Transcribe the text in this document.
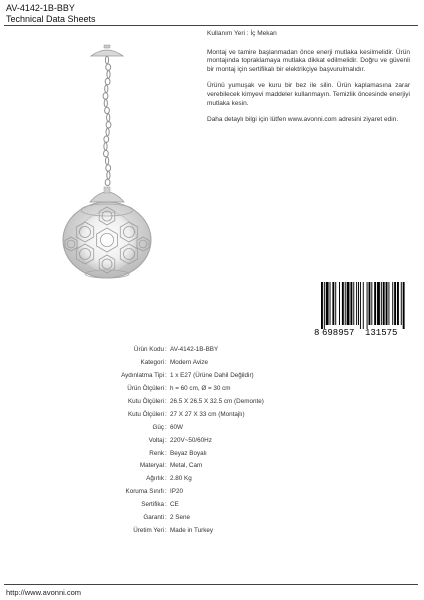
AV-4142-1B-BBY
Technical Data Sheets

Kullanım Yeri : İç Mekan

Montaj ve tamire başlanmadan önce enerji mutlaka kesilmelidir. Ürün montajında topraklamaya mutlaka dikkat edilmelidir. Doğru ve güvenli bir montaj için sertifikalı bir elektrikçiye başvurulmalıdır.

Ürünü yumuşak ve kuru bir bez ile silin. Ürün kaplamasına zarar verebilecek kimyevi maddeler kullanmayın. Temizlik öncesinde enerjiyi mutlaka kesin.

Daha detaylı bilgi için lütfen www.avonni.com adresini ziyaret edin.

8 698957 131575
Ürün Kodu : AV-4142-1B-BBY
Kategori : Modern Avize
Aydınlatma Tipi : 1 x E27 (Ürüne Dahil Değildir)
Ürün Ölçüleri : h = 60 cm, Ø = 30 cm
Kutu Ölçüleri : 26.5 X 26.5 X 32.5 cm (Demonte)
Kutu Ölçüleri : 27 X 27 X 33 cm (Montajlı)
Güç : 60W
Voltaj : 220V~50/60Hz
Renk : Beyaz Boyalı
Materyal : Metal, Cam
Ağırlık : 2.80 Kg
Koruma Sınıfı : IP20
Sertifika : CE
Garanti : 2 Sene
Üretim Yeri : Made in Turkey
http://www.avonni.com
